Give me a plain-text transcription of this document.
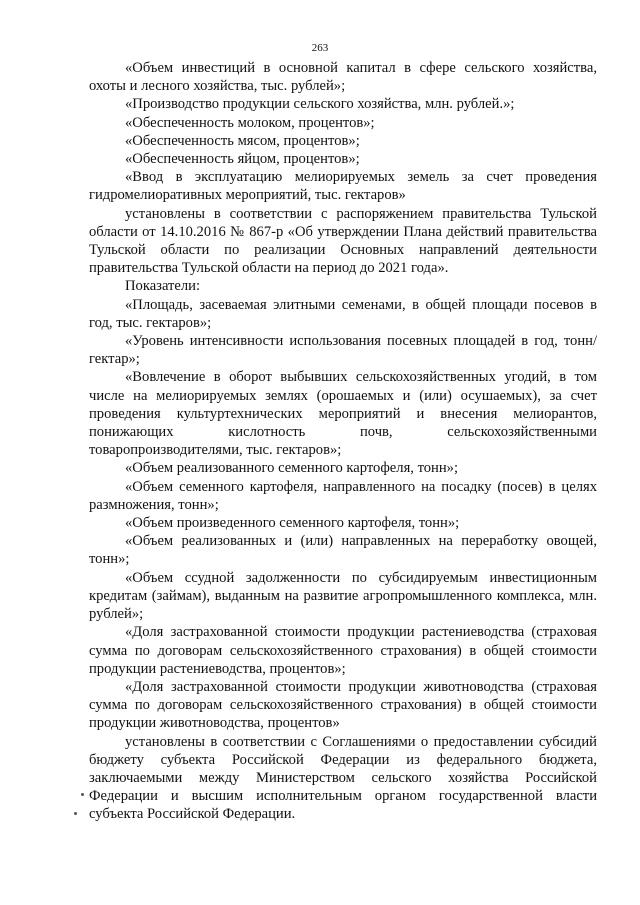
263

«Объем инвестиций в основной капитал в сфере сельского хозяйства, охоты и лесного хозяйства, тыс. рублей»;

«Производство продукции сельского хозяйства, млн. рублей.»;

«Обеспеченность молоком, процентов»;

«Обеспеченность мясом, процентов»;

«Обеспеченность яйцом, процентов»;

«Ввод в эксплуатацию мелиорируемых земель за счет проведения гидромелиоративных мероприятий, тыс. гектаров»

установлены в соответствии с распоряжением правительства Тульской области от 14.10.2016 № 867-р «Об утверждении Плана действий правительства Тульской области по реализации Основных направлений деятельности правительства Тульской области на период до 2021 года».

Показатели:

«Площадь, засеваемая элитными семенами, в общей площади посевов в год, тыс. гектаров»;

«Уровень интенсивности использования посевных площадей в год, тонн/гектар»;

«Вовлечение в оборот выбывших сельскохозяйственных угодий, в том числе на мелиорируемых землях (орошаемых и (или) осушаемых), за счет проведения культуртехнических мероприятий и внесения мелиорантов, понижающих кислотность почв, сельскохозяйственными товаропроизводителями, тыс. гектаров»;

«Объем реализованного семенного картофеля, тонн»;

«Объем семенного картофеля, направленного на посадку (посев) в целях размножения, тонн»;

«Объем произведенного семенного картофеля, тонн»;

«Объем реализованных и (или) направленных на переработку овощей, тонн»;

«Объем ссудной задолженности по субсидируемым инвестиционным кредитам (займам), выданным на развитие агропромышленного комплекса, млн. рублей»;

«Доля застрахованной стоимости продукции растениеводства (страховая сумма по договорам сельскохозяйственного страхования) в общей стоимости продукции растениеводства, процентов»;

«Доля застрахованной стоимости продукции животноводства (страховая сумма по договорам сельскохозяйственного страхования) в общей стоимости продукции животноводства, процентов»

установлены в соответствии с Соглашениями о предоставлении субсидий бюджету субъекта Российской Федерации из федерального бюджета, заключаемыми между Министерством сельского хозяйства Российской Федерации и высшим исполнительным органом государственной власти субъекта Российской Федерации.
